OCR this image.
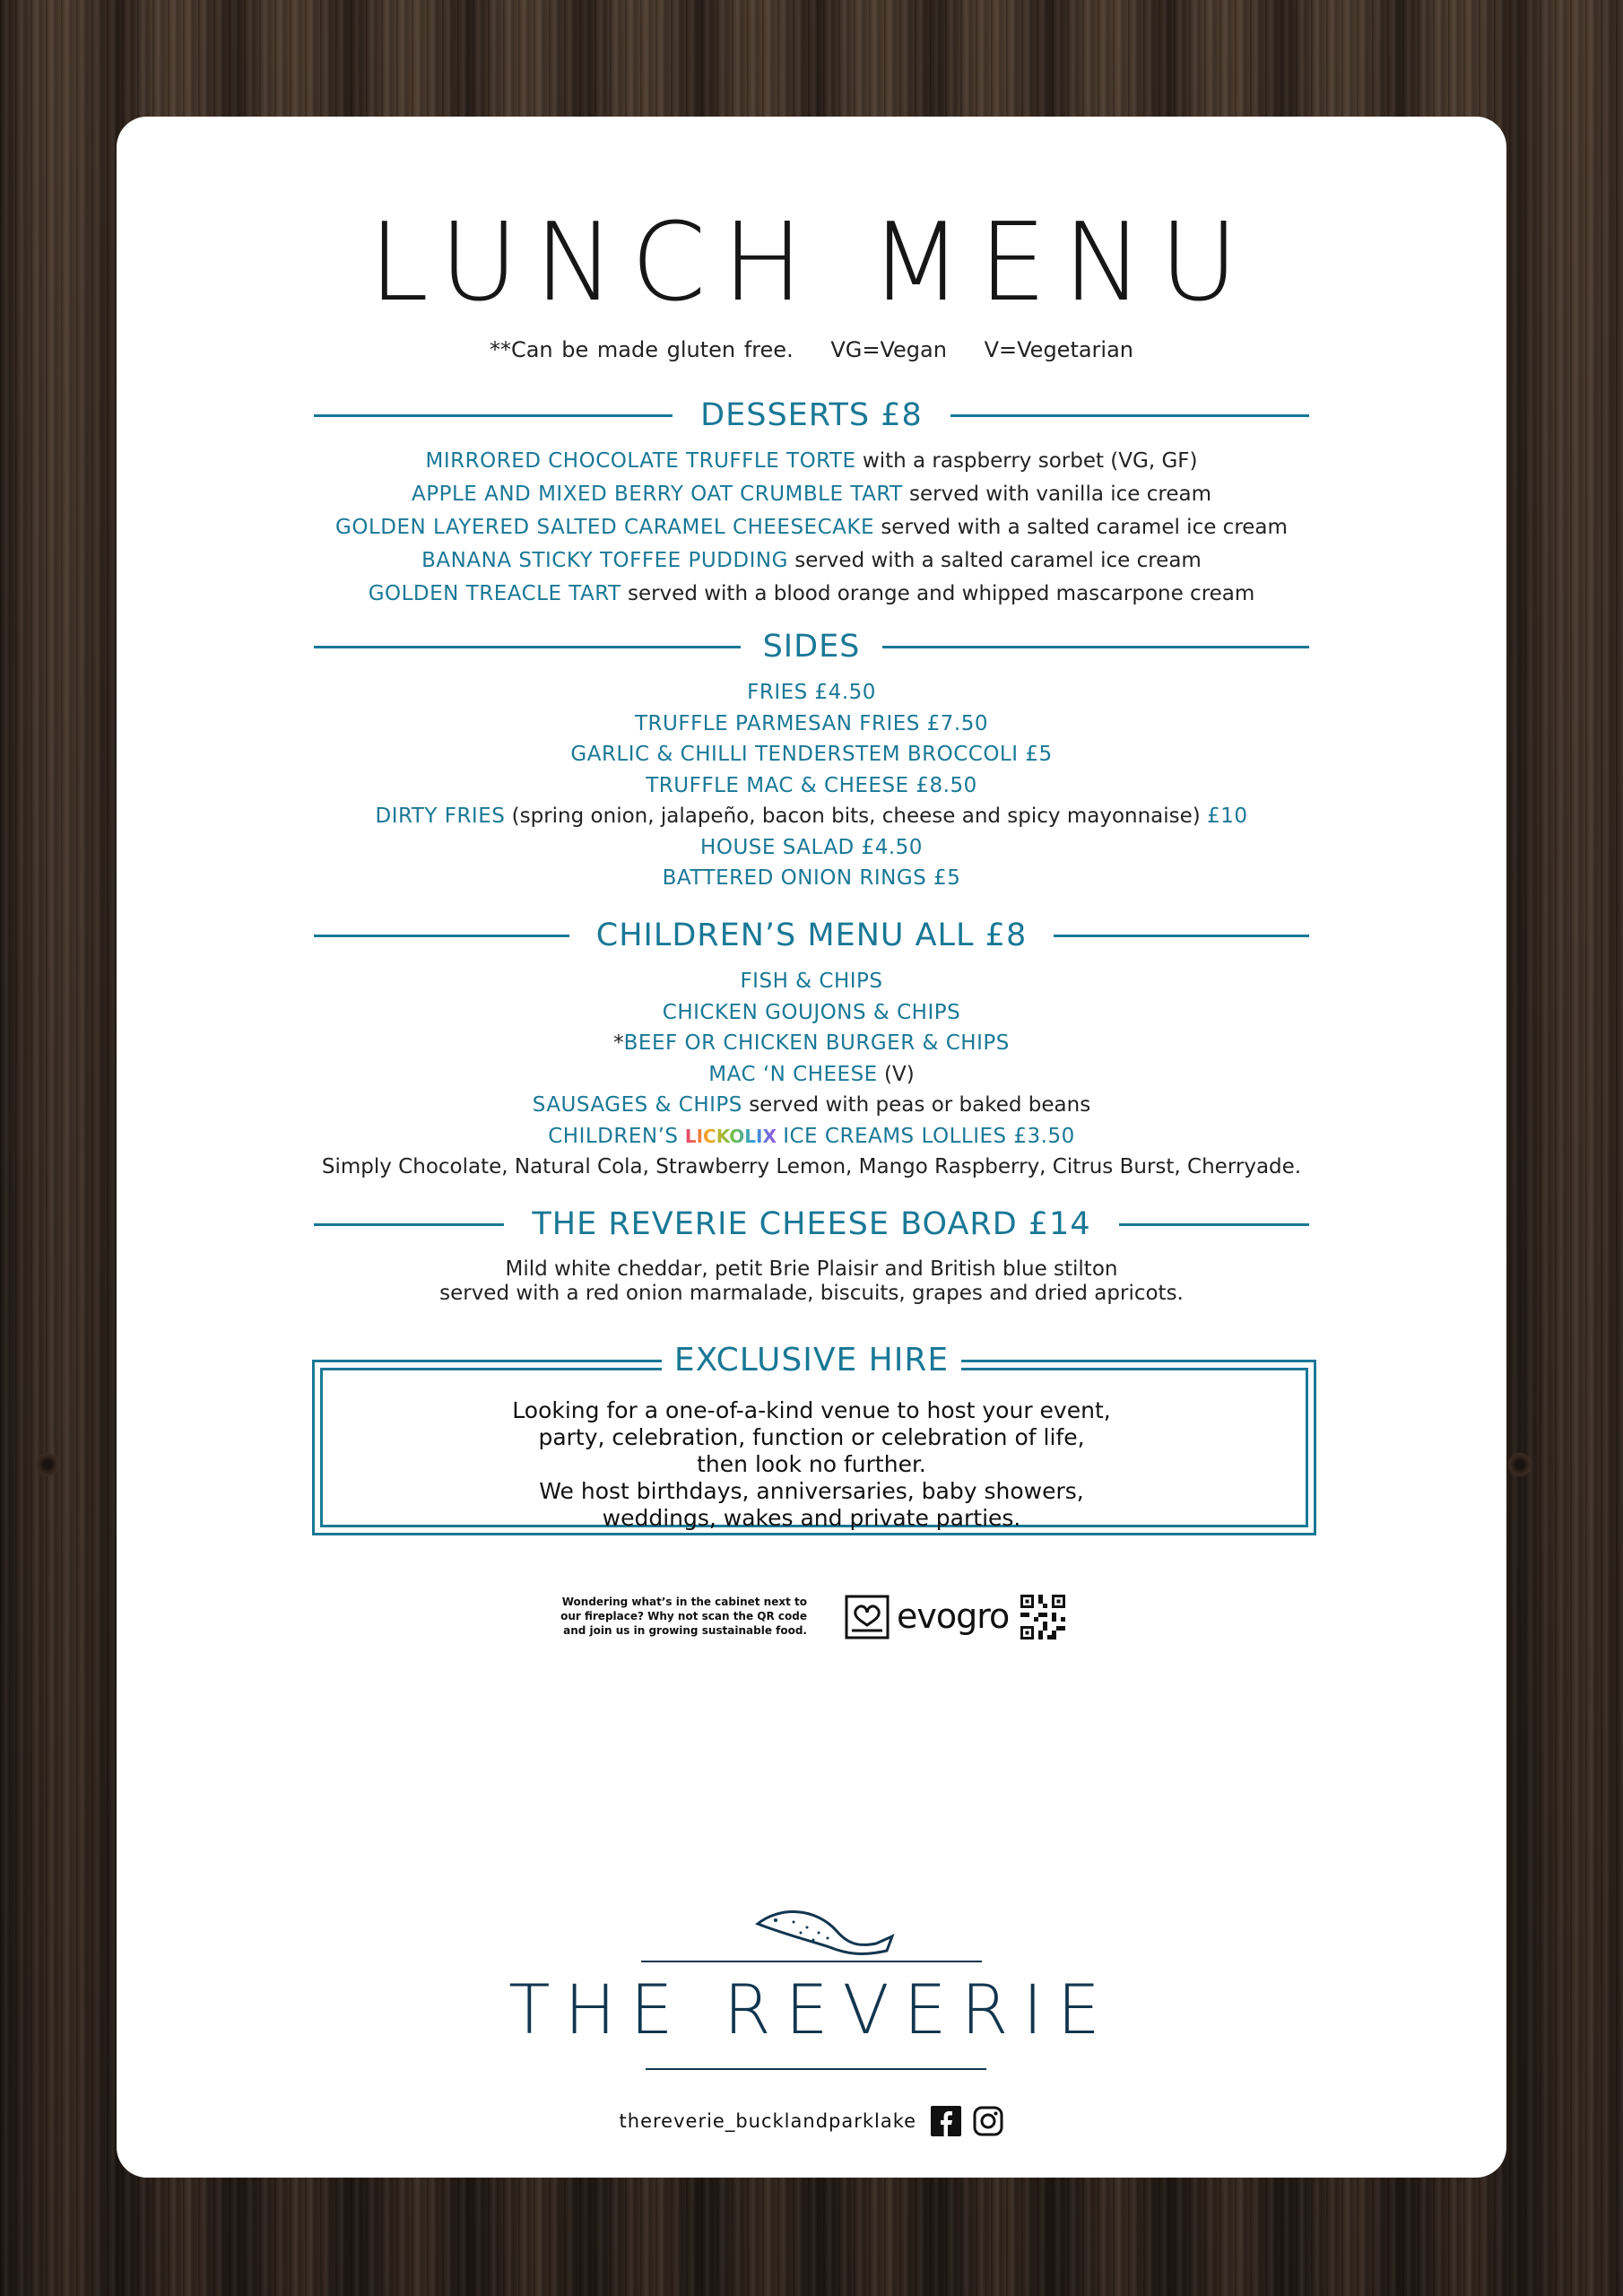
LUNCH MENU
**Can be made gluten free. VG=Vegan V=Vegetarian
DESSERTS £8
MIRRORED CHOCOLATE TRUFFLE TORTE with a raspberry sorbet (VG, GF)
APPLE AND MIXED BERRY OAT CRUMBLE TART served with vanilla ice cream
GOLDEN LAYERED SALTED CARAMEL CHEESECAKE served with a salted caramel ice cream
BANANA STICKY TOFFEE PUDDING served with a salted caramel ice cream
GOLDEN TREACLE TART served with a blood orange and whipped mascarpone cream
SIDES
FRIES £4.50
TRUFFLE PARMESAN FRIES £7.50
GARLIC & CHILLI TENDERSTEM BROCCOLI £5
TRUFFLE MAC & CHEESE £8.50
DIRTY FRIES (spring onion, jalapeño, bacon bits, cheese and spicy mayonnaise) £10
HOUSE SALAD £4.50
BATTERED ONION RINGS £5
CHILDREN’S MENU ALL £8
FISH & CHIPS
CHICKEN GOUJONS & CHIPS
*BEEF OR CHICKEN BURGER & CHIPS
MAC ‘N CHEESE (V)
SAUSAGES & CHIPS served with peas or baked beans
CHILDREN’S LICKOLIX ICE CREAMS LOLLIES £3.50
Simply Chocolate, Natural Cola, Strawberry Lemon, Mango Raspberry, Citrus Burst, Cherryade.
THE REVERIE CHEESE BOARD £14
Mild white cheddar, petit Brie Plaisir and British blue stilton
served with a red onion marmalade, biscuits, grapes and dried apricots.
EXCLUSIVE HIRE
Looking for a one-of-a-kind venue to host your event,
party, celebration, function or celebration of life,
then look no further.
We host birthdays, anniversaries, baby showers,
weddings, wakes and private parties.
Wondering what’s in the cabinet next to
our fireplace? Why not scan the QR code
and join us in growing sustainable food.	evogro
THE REVERIE
thereverie_bucklandparklake
